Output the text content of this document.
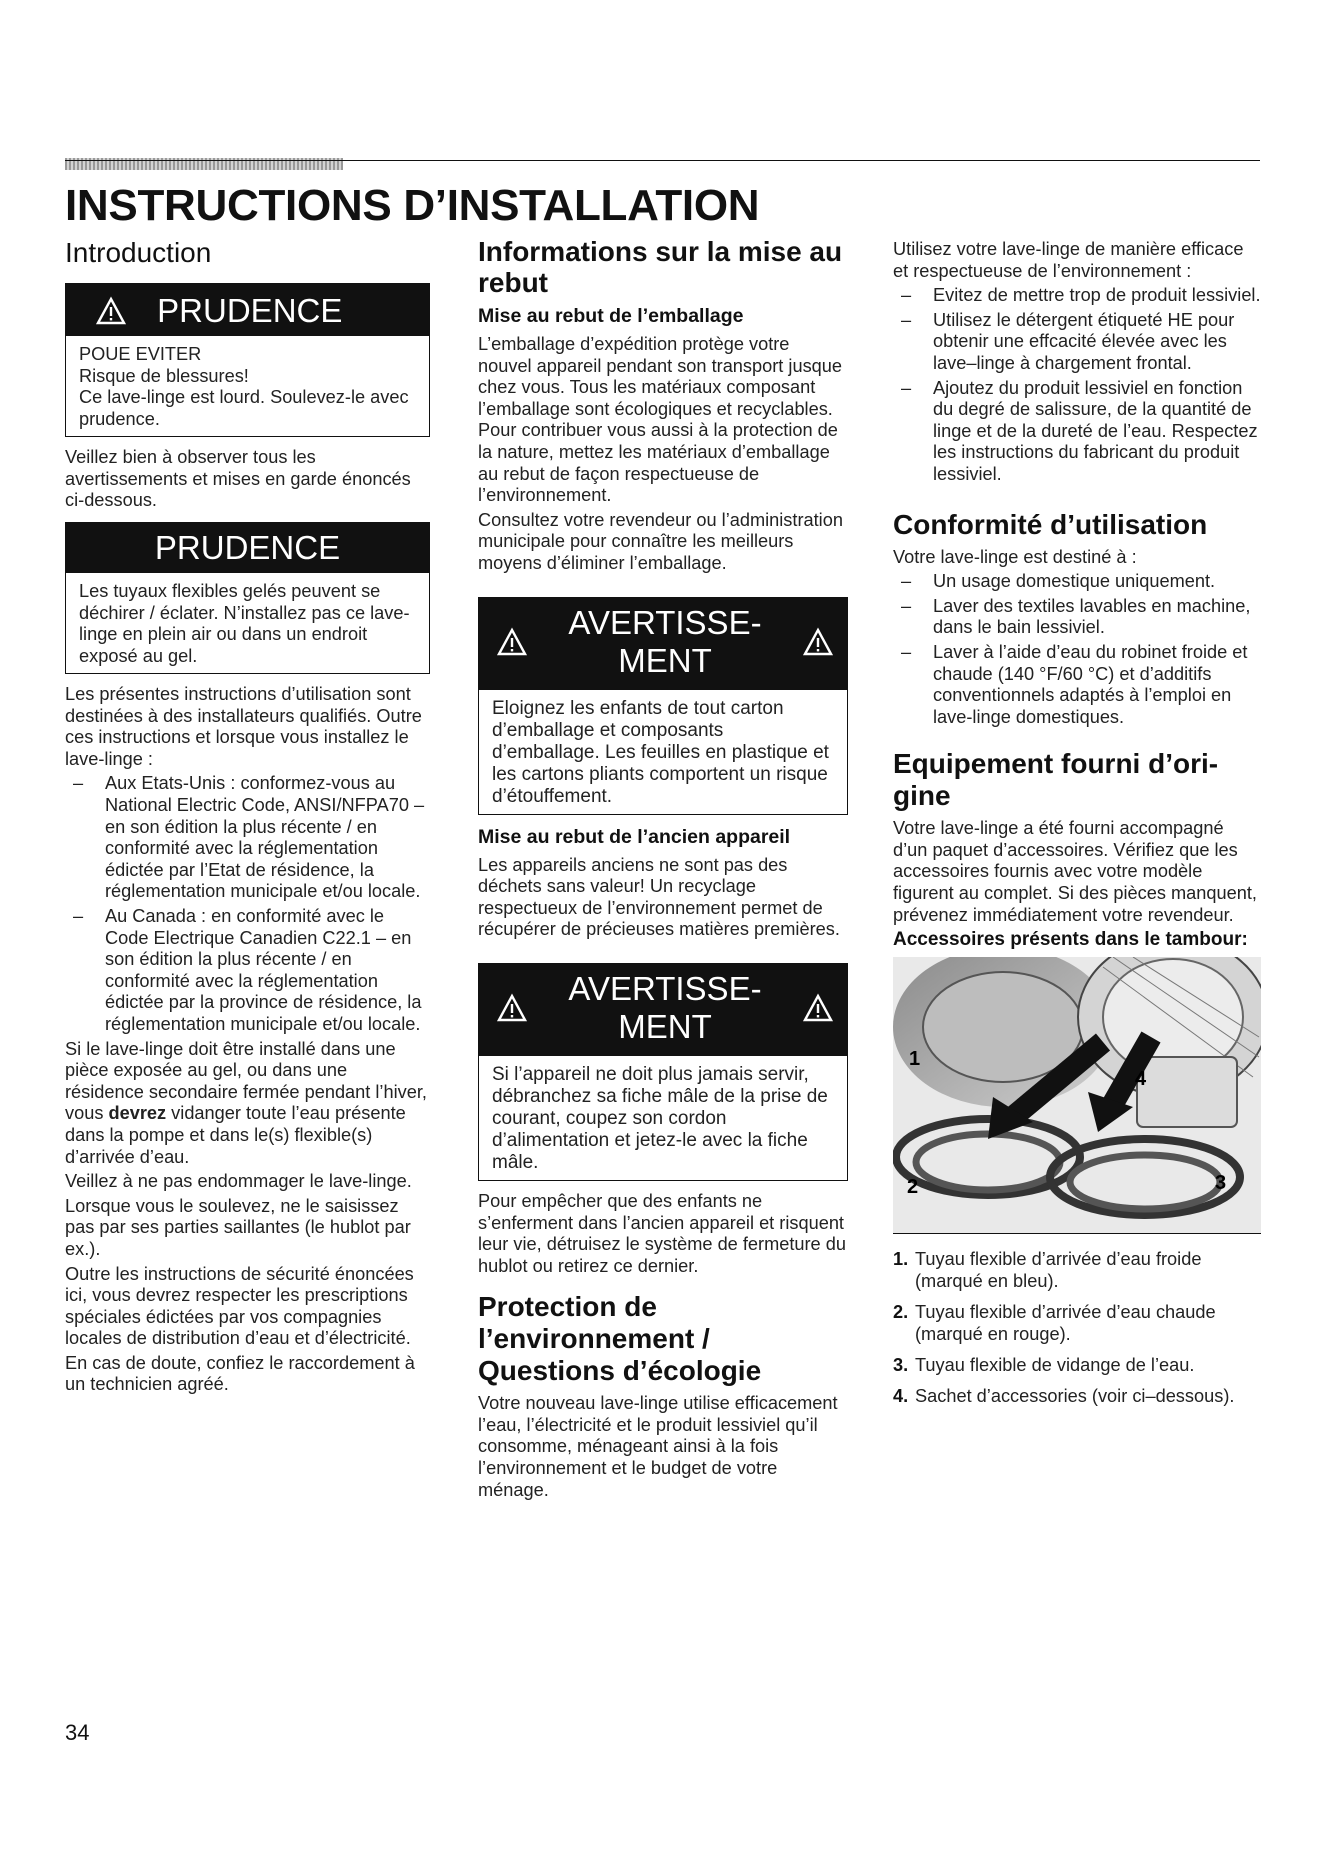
INSTRUCTIONS D’INSTALLATION
Introduction
PRUDENCE
POUE EVITER
Risque de blessures!
Ce lave-linge est lourd. Soulevez-le avec prudence.

Veillez bien à observer tous les avertissements et mises en garde énoncés ci-dessous.

PRUDENCE
Les tuyaux flexibles gelés peuvent se déchirer / éclater. N’installez pas ce lave-linge en plein air ou dans un endroit exposé au gel.

Les présentes instructions d’utilisation sont destinées à des installateurs qualifiés. Outre ces instructions et lorsque vous installez le lave-linge :

– Aux Etats-Unis : conformez-vous au National Electric Code, ANSI/NFPA70 – en son édition la plus récente / en conformité avec la réglementation édictée par l’Etat de résidence, la réglementation municipale et/ou locale.
– Au Canada : en conformité avec le Code Electrique Canadien C22.1 – en son édition la plus récente / en conformité avec la réglementation édictée par la province de résidence, la réglementation municipale et/ou locale.

Si le lave-linge doit être installé dans une pièce exposée au gel, ou dans une résidence secondaire fermée pendant l’hiver, vous devrez vidanger toute l’eau présente dans la pompe et dans le(s) flexible(s) d’arrivée d’eau.

Veillez à ne pas endommager le lave-linge.

Lorsque vous le soulevez, ne le saisissez pas par ses parties saillantes (le hublot par ex.).

Outre les instructions de sécurité énoncées ici, vous devrez respecter les prescriptions spéciales édictées par vos compagnies locales de distribution d’eau et d’électricité.

En cas de doute, confiez le raccordement à un technicien agréé.

Informations sur la mise au rebut
Mise au rebut de l’emballage

L’emballage d’expédition protège votre nouvel appareil pendant son transport jusque chez vous. Tous les matériaux composant l’emballage sont écologiques et recyclables. Pour contribuer vous aussi à la protection de la nature, mettez les matériaux d’emballage au rebut de façon respectueuse de l’environnement.

Consultez votre revendeur ou l’administration municipale pour connaître les meilleurs moyens d’éliminer l’emballage.

AVERTISSE-
MENT
Eloignez les enfants de tout carton d’emballage et composants d’emballage. Les feuilles en plastique et les cartons pliants comportent un risque d’étouffement.
Mise au rebut de l’ancien appareil

Les appareils anciens ne sont pas des déchets sans valeur! Un recyclage respectueux de l’environnement permet de récupérer de précieuses matières premières.

AVERTISSE-
MENT
Si l’appareil ne doit plus jamais servir, débranchez sa fiche mâle de la prise de courant, coupez son cordon d’alimentation et jetez-le avec la fiche mâle.

Pour empêcher que des enfants ne s’enferment dans l’ancien appareil et risquent leur vie, détruisez le système de fermeture du hublot ou retirez ce dernier.

Protection de l’environnement / Questions d’écologie

Votre nouveau lave-linge utilise efficacement l’eau, l’électricité et le produit lessiviel qu’il consomme, ménageant ainsi à la fois l’environnement et le budget de votre ménage.

Utilisez votre lave-linge de manière efficace et respectueuse de l’environnement :

– Evitez de mettre trop de produit lessiviel.
– Utilisez le détergent étiqueté HE pour obtenir une effcacité élevée avec les lave–linge à chargement frontal.
– Ajoutez du produit lessiviel en fonction du degré de salissure, de la quantité de linge et de la dureté de l’eau. Respectez les instructions du fabricant du produit lessiviel.
Conformité d’utilisation

Votre lave-linge est destiné à :

– Un usage domestique uniquement.
– Laver des textiles lavables en machine, dans le bain lessiviel.
– Laver à l’aide d’eau du robinet froide et chaude (140 °F/60 °C) et d’additifs conventionnels adaptés à l’emploi en lave-linge domestiques.
Equipement fourni d’ori- gine

Votre lave-linge a été fourni accompagné d’un paquet d’accessoires. Vérifiez que les accessoires fournis avec votre modèle figurent au complet. Si des pièces manquent, prévenez immédiatement votre revendeur.

Accessoires présents dans le tambour:
1
2	3
4
1. Tuyau flexible d’arrivée d’eau froide (marqué en bleu).
2. Tuyau flexible d’arrivée d’eau chaude (marqué en rouge).
3. Tuyau flexible de vidange de l’eau.
4. Sachet d’accessories (voir ci–dessous).
34
